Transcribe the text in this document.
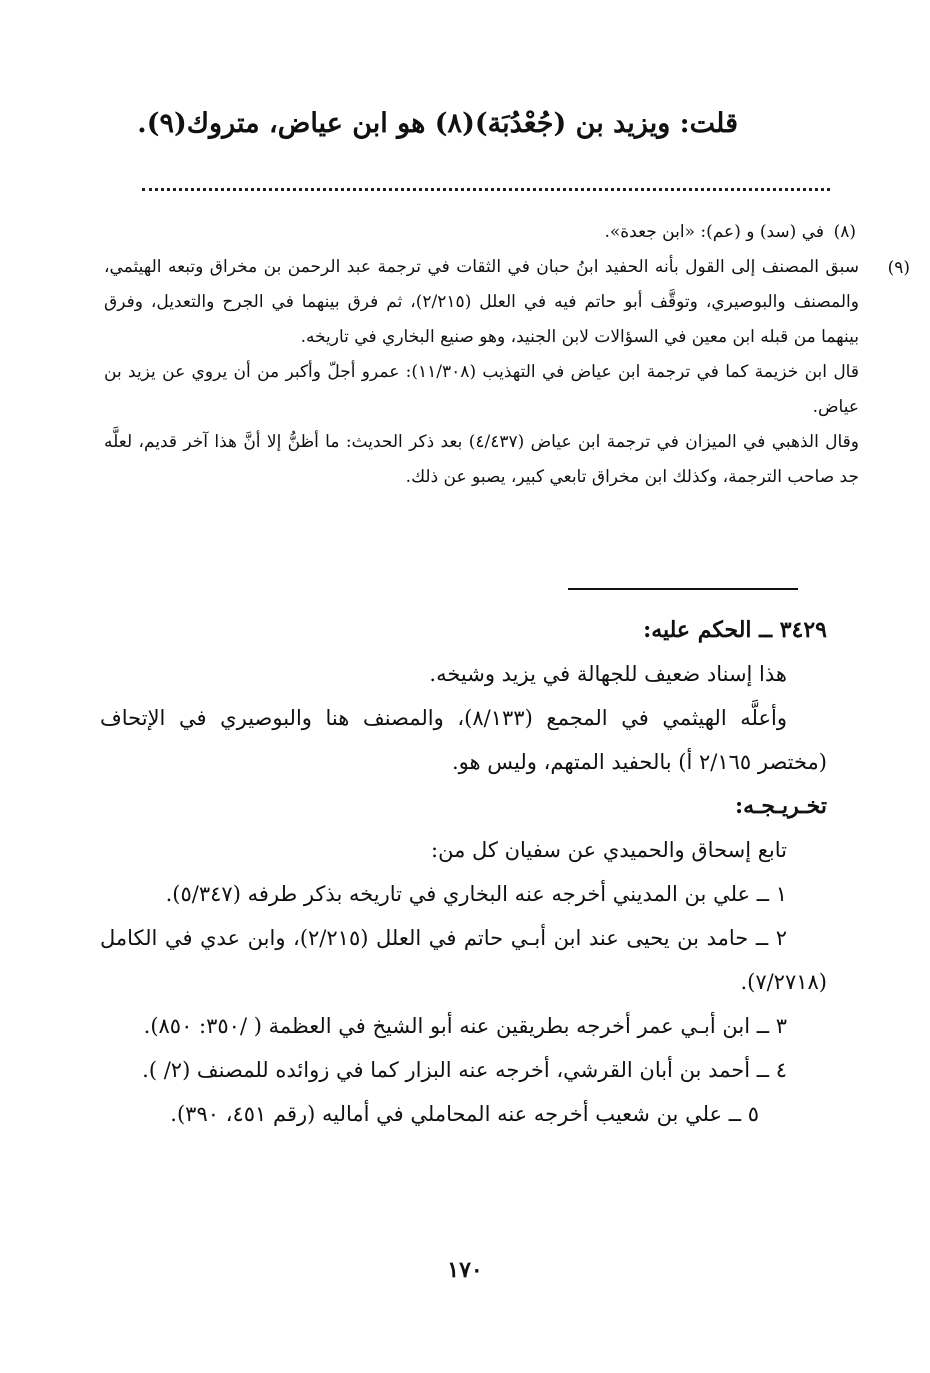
قلت: ويزيد بن (جُعْدُبَة)(٨) هو ابن عياض، متروك(٩).
(٨)

في (سد) و (عم): «ابن جعدة».

(٩)

سبق المصنف إلى القول بأنه الحفيد ابنُ حبان في الثقات في ترجمة عبد الرحمن بن مخراق وتبعه الهيثمي، والمصنف والبوصيري، وتوقَّف أبو حاتم فيه في العلل (٢/٢١٥)، ثم فرق بينهما في الجرح والتعديل، وفرق بينهما من قبله ابن معين في السؤالات لابن الجنيد، وهو صنيع البخاري في تاريخه.

قال ابن خزيمة كما في ترجمة ابن عياض في التهذيب (١١/٣٠٨): عمرو أجلّ وأكبر من أن يروي عن يزيد بن عياض.

وقال الذهبي في الميزان في ترجمة ابن عياض (٤/٤٣٧) بعد ذكر الحديث: ما أظنُّ إلا أنَّ هذا آخر قديم، لعلَّه جد صاحب الترجمة، وكذلك ابن مخراق تابعي كبير، يصبو عن ذلك.

٣٤٢٩ ــ الحكم عليه:
هذا إسناد ضعيف للجهالة في يزيد وشيخه.
وأعلَّه الهيثمي في المجمع (٨/١٣٣)، والمصنف هنا والبوصيري في الإتحاف (مختصر ٢/١٦٥ أ) بالحفيد المتهم، وليس هو.
تخـريـجـه:
تابع إسحاق والحميدي عن سفيان كل من:
١ ــ علي بن المديني أخرجه عنه البخاري في تاريخه بذكر طرفه (٥/٣٤٧).
٢ ــ حامد بن يحيى عند ابن أبـي حاتم في العلل (٢/٢١٥)، وابن عدي في الكامل (٧/٢٧١٨).
٣ ــ ابن أبـي عمر أخرجه بطريقين عنه أبو الشيخ في العظمة ( /٣٥٠: ٨٥٠).
٤ ــ أحمد بن أبان القرشي، أخرجه عنه البزار كما في زوائده للمصنف (٢/ ).
٥ ــ علي بن شعيب أخرجه عنه المحاملي في أماليه (رقم ٤٥١، ٣٩٠).
١٧٠
